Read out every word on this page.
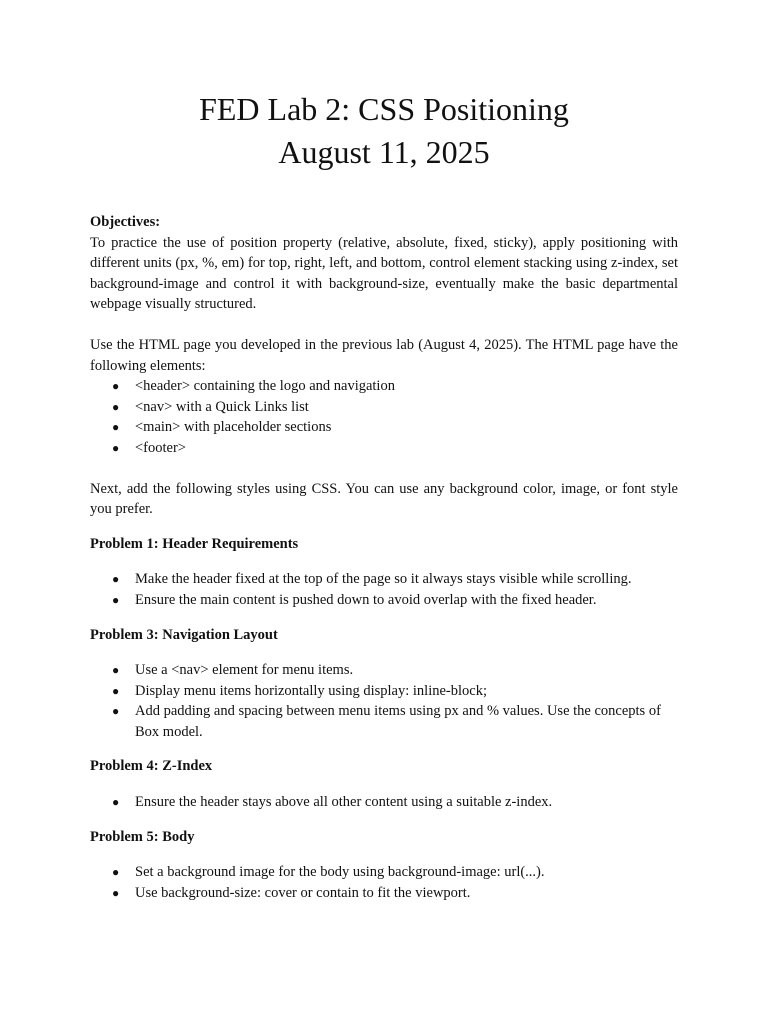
FED Lab 2: CSS Positioning

August 11, 2025

Objectives:

To practice the use of position property (relative, absolute, fixed, sticky), apply positioning with different units (px, %, em) for top, right, left, and bottom, control element stacking using z-index, set background-image and control it with background-size, eventually make the basic departmental webpage visually structured.

Use the HTML page you developed in the previous lab (August 4, 2025). The HTML page have the following elements:

● <header> containing the logo and navigation
● <nav> with a Quick Links list
● <main> with placeholder sections
● <footer>

Next, add the following styles using CSS. You can use any background color, image, or font style you prefer.

Problem 1: Header Requirements

● Make the header fixed at the top of the page so it always stays visible while scrolling.
● Ensure the main content is pushed down to avoid overlap with the fixed header.

Problem 3: Navigation Layout

● Use a <nav> element for menu items.
● Display menu items horizontally using display: inline-block;
● Add padding and spacing between menu items using px and % values. Use the concepts of Box model.

Problem 4: Z-Index

● Ensure the header stays above all other content using a suitable z-index.

Problem 5: Body

● Set a background image for the body using background-image: url(...).
● Use background-size: cover or contain to fit the viewport.
